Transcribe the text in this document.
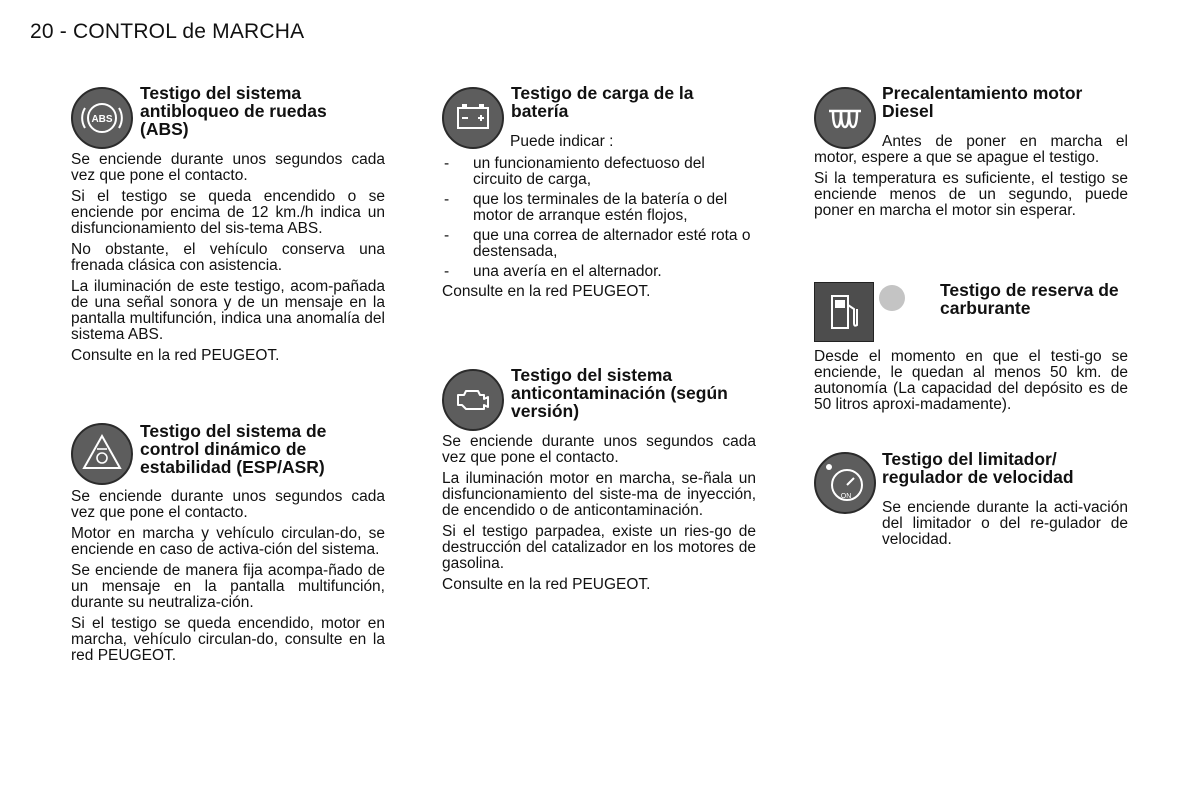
20 - CONTROL de MARCHA
ABS
Testigo del sistema antibloqueo de ruedas (ABS)

Se enciende durante unos segundos cada vez que pone el contacto.

Si el testigo se queda encendido o se enciende por encima de 12 km./h indica un disfuncionamiento del sis-tema ABS.

No obstante, el vehículo conserva una frenada clásica con asistencia.

La iluminación de este testigo, acom-pañada de una señal sonora y de un mensaje en la pantalla multifunción, indica una anomalía del sistema ABS.

Consulte en la red PEUGEOT.

Testigo del sistema de control dinámico de estabilidad (ESP/ASR)

Se enciende durante unos segundos cada vez que pone el contacto.

Motor en marcha y vehículo circulan-do, se enciende en caso de activa-ción del sistema.

Se enciende de manera fija acompa-ñado de un mensaje en la pantalla multifunción, durante su neutraliza-ción.

Si el testigo se queda encendido, motor en marcha, vehículo circulan-do, consulte en la red PEUGEOT.

Testigo de carga de la batería

Puede indicar :

- un funcionamiento defectuoso del circuito de carga,
- que los terminales de la batería o del motor de arranque estén flojos,
- que una correa de alternador esté rota o destensada,
- una avería en el alternador.

Consulte en la red PEUGEOT.

Testigo del sistema anticontaminación (según versión)

Se enciende durante unos segundos cada vez que pone el contacto.

La iluminación motor en marcha, se-ñala un disfuncionamiento del siste-ma de inyección, de encendido o de anticontaminación.

Si el testigo parpadea, existe un ries-go de destrucción del catalizador en los motores de gasolina.

Consulte en la red PEUGEOT.

Precalentamiento motor Diesel

Antes de poner en marcha el motor, espere a que se apague el testigo.

Si la temperatura es suficiente, el testigo se enciende menos de un segundo, puede poner en marcha el motor sin esperar.

Testigo de reserva de carburante

Desde el momento en que el testi-go se enciende, le quedan al menos 50 km. de autonomía (La capacidad del depósito es de 50 litros aproxi-madamente).

ON
Testigo del limitador/ regulador de velocidad

Se enciende durante la acti-vación del limitador o del re-gulador de velocidad.
